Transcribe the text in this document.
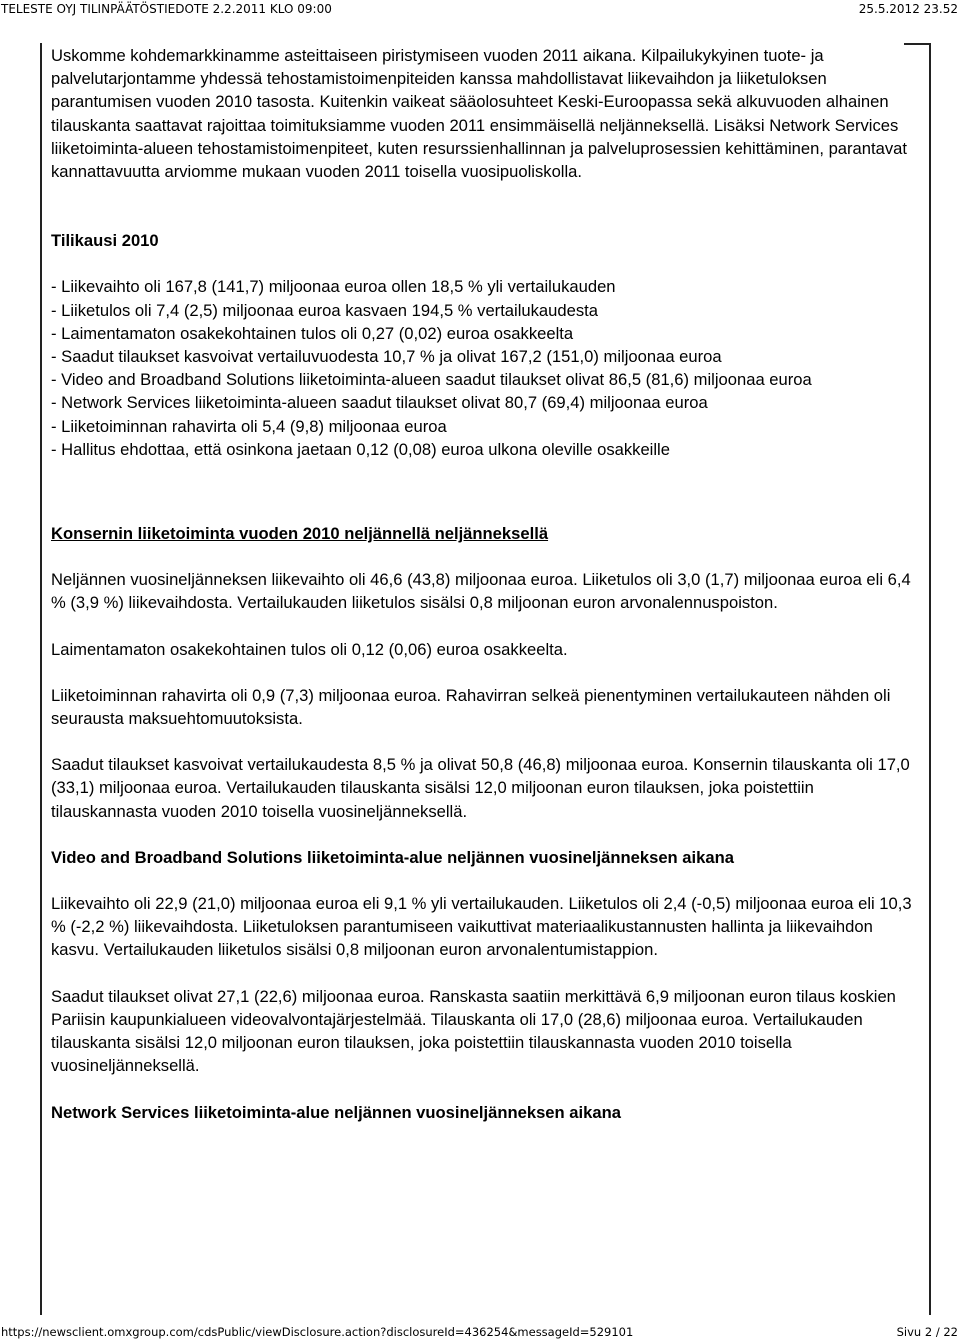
TELESTE OYJ TILINPÄÄTÖSTIEDOTE 2.2.2011 KLO 09:00	25.5.2012 23.52

Uskomme kohdemarkkinamme asteittaiseen piristymiseen vuoden 2011 aikana. Kilpailukykyinen tuote- ja palvelutarjontamme yhdessä tehostamistoimenpiteiden kanssa mahdollistavat liikevaihdon ja liiketuloksen parantumisen vuoden 2010 tasosta. Kuitenkin vaikeat sääolosuhteet Keski-Euroopassa sekä alkuvuoden alhainen tilauskanta saattavat rajoittaa toimituksiamme vuoden 2011 ensimmäisellä neljänneksellä. Lisäksi Network Services liiketoiminta-alueen tehostamistoimenpiteet, kuten resurssienhallinnan ja palveluprosessien kehittäminen, parantavat kannattavuutta arviomme mukaan vuoden 2011 toisella vuosipuoliskolla.

Tilikausi 2010

- Liikevaihto oli 167,8 (141,7) miljoonaa euroa ollen 18,5 % yli vertailukauden

- Liiketulos oli 7,4 (2,5) miljoonaa euroa kasvaen 194,5 % vertailukaudesta

- Laimentamaton osakekohtainen tulos oli 0,27 (0,02) euroa osakkeelta

- Saadut tilaukset kasvoivat vertailuvuodesta 10,7 % ja olivat 167,2 (151,0) miljoonaa euroa

- Video and Broadband Solutions liiketoiminta-alueen saadut tilaukset olivat 86,5 (81,6) miljoonaa euroa

- Network Services liiketoiminta-alueen saadut tilaukset olivat 80,7 (69,4) miljoonaa euroa

- Liiketoiminnan rahavirta oli 5,4 (9,8) miljoonaa euroa

- Hallitus ehdottaa, että osinkona jaetaan 0,12 (0,08) euroa ulkona oleville osakkeille

Konsernin liiketoiminta vuoden 2010 neljännellä neljänneksellä

Neljännen vuosineljänneksen liikevaihto oli 46,6 (43,8) miljoonaa euroa. Liiketulos oli 3,0 (1,7) miljoonaa euroa eli 6,4 % (3,9 %) liikevaihdosta. Vertailukauden liiketulos sisälsi 0,8 miljoonan euron arvonalennuspoiston.

Laimentamaton osakekohtainen tulos oli 0,12 (0,06) euroa osakkeelta.

Liiketoiminnan rahavirta oli 0,9 (7,3) miljoonaa euroa. Rahavirran selkeä pienentyminen vertailukauteen nähden oli seurausta maksuehtomuutoksista.

Saadut tilaukset kasvoivat vertailukaudesta 8,5 % ja olivat 50,8 (46,8) miljoonaa euroa. Konsernin tilauskanta oli 17,0 (33,1) miljoonaa euroa. Vertailukauden tilauskanta sisälsi 12,0 miljoonan euron tilauksen, joka poistettiin tilauskannasta vuoden 2010 toisella vuosineljänneksellä.

Video and Broadband Solutions liiketoiminta-alue neljännen vuosineljänneksen aikana

Liikevaihto oli 22,9 (21,0) miljoonaa euroa eli 9,1 % yli vertailukauden. Liiketulos oli 2,4 (-0,5) miljoonaa euroa eli 10,3 % (-2,2 %) liikevaihdosta. Liiketuloksen parantumiseen vaikuttivat materiaalikustannusten hallinta ja liikevaihdon kasvu. Vertailukauden liiketulos sisälsi 0,8 miljoonan euron arvonalentumistappion.

Saadut tilaukset olivat 27,1 (22,6) miljoonaa euroa. Ranskasta saatiin merkittävä 6,9 miljoonan euron tilaus koskien Pariisin kaupunkialueen videovalvontajärjestelmää. Tilauskanta oli 17,0 (28,6) miljoonaa euroa. Vertailukauden tilauskanta sisälsi 12,0 miljoonan euron tilauksen, joka poistettiin tilauskannasta vuoden 2010 toisella vuosineljänneksellä.

Network Services liiketoiminta-alue neljännen vuosineljänneksen aikana

https://newsclient.omxgroup.com/cdsPublic/viewDisclosure.action?disclosureId=436254&messageId=529101	Sivu 2 / 22
